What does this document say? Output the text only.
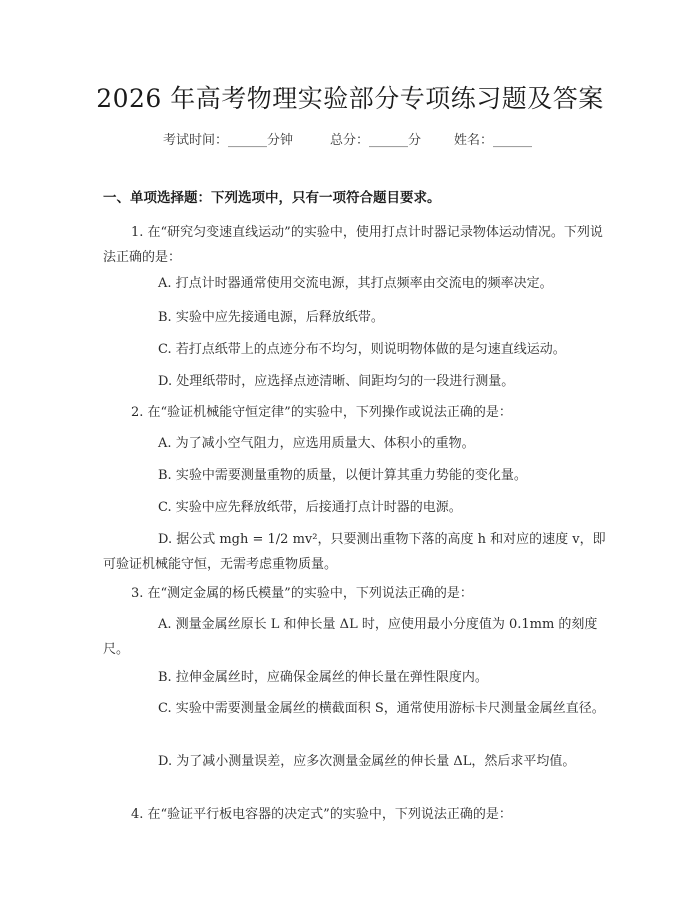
2026 年高考物理实验部分专项练习题及答案
考试时间：______分钟	总分：______分	姓名：______
一、单项选择题：下列选项中，只有一项符合题目要求。
1. 在“研究匀变速直线运动”的实验中，使用打点计时器记录物体运动情况。下列说法正确的是：
A. 打点计时器通常使用交流电源，其打点频率由交流电的频率决定。
B. 实验中应先接通电源，后释放纸带。
C. 若打点纸带上的点迹分布不均匀，则说明物体做的是匀速直线运动。
D. 处理纸带时，应选择点迹清晰、间距均匀的一段进行测量。
2. 在“验证机械能守恒定律”的实验中，下列操作或说法正确的是：
A. 为了减小空气阻力，应选用质量大、体积小的重物。
B. 实验中需要测量重物的质量，以便计算其重力势能的变化量。
C. 实验中应先释放纸带，后接通打点计时器的电源。
D. 据公式 mgh = 1/2 mv²，只要测出重物下落的高度 h 和对应的速度 v，即可验证机械能守恒，无需考虑重物质量。
3. 在“测定金属的杨氏模量”的实验中，下列说法正确的是：
A. 测量金属丝原长 L 和伸长量 ΔL 时，应使用最小分度值为 0.1mm 的刻度尺。
B. 拉伸金属丝时，应确保金属丝的伸长量在弹性限度内。
C. 实验中需要测量金属丝的横截面积 S，通常使用游标卡尺测量金属丝直径。
D. 为了减小测量误差，应多次测量金属丝的伸长量 ΔL，然后求平均值。
4. 在“验证平行板电容器的决定式”的实验中，下列说法正确的是：
